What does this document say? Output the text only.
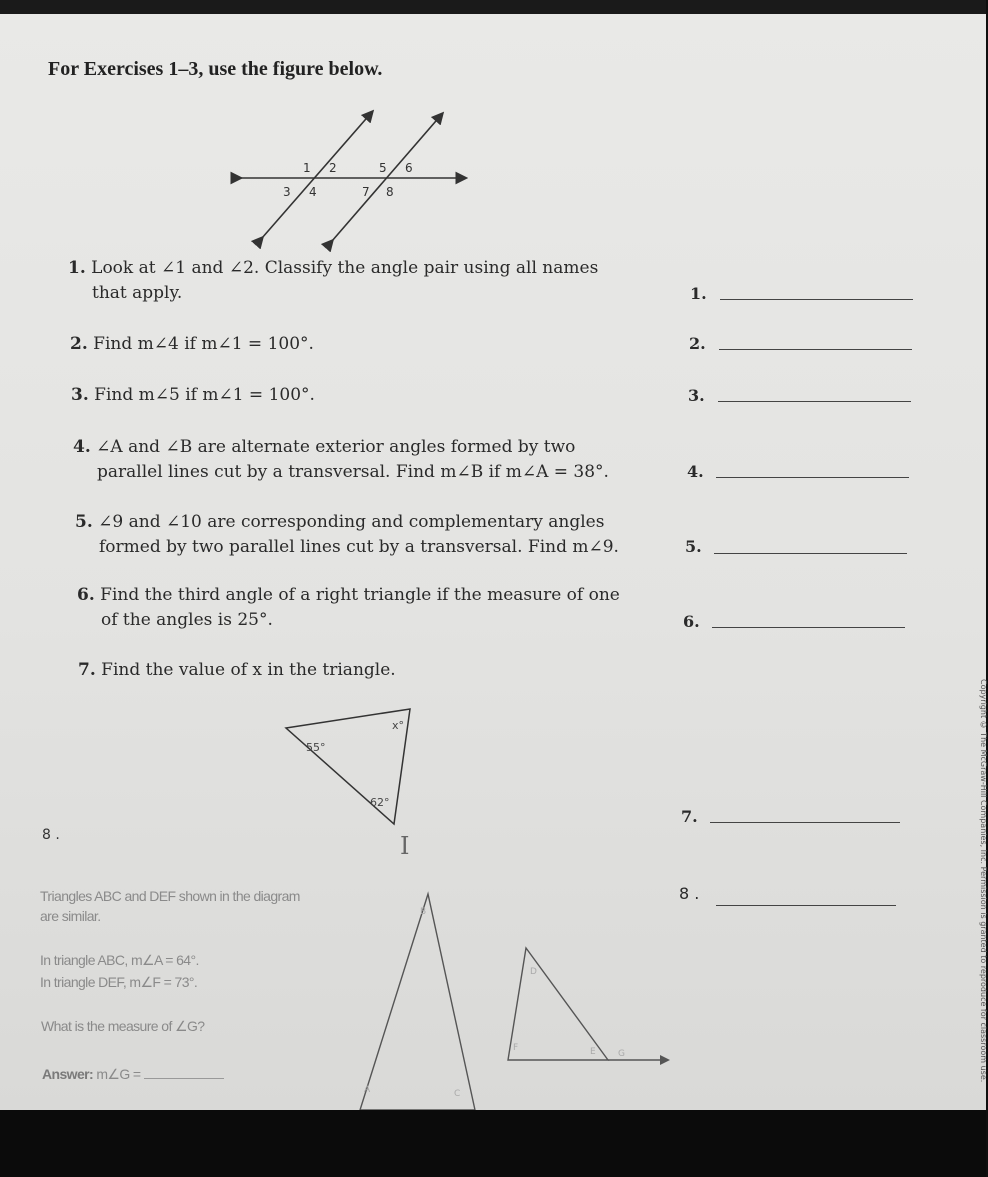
For Exercises 1–3, use the figure below.
1 2	5 6
3 4	7 8
1. Look at ∠1 and ∠2. Classify the angle pair using all names
that apply.
2. Find m∠4 if m∠1 = 100°.
3. Find m∠5 if m∠1 = 100°.
4. ∠A and ∠B are alternate exterior angles formed by two
parallel lines cut by a transversal. Find m∠B if m∠A = 38°.
5. ∠9 and ∠10 are corresponding and complementary angles
formed by two parallel lines cut by a transversal. Find m∠9.
6. Find the third angle of a right triangle if the measure of one
of the angles is 25°.
7. Find the value of x in the triangle.
1.
2.
3.
4.
5.
6.
7.
8 .
x°
55°
62°
I
8 .
Triangles ABC and DEF shown in the diagram
are similar.
In triangle ABC, m∠A = 64°.
In triangle DEF, m∠F = 73°.
What is the measure of ∠G?
Answer: m∠G =
B
A	C
D
F	E G	Copyright © The McGraw-Hill Companies, Inc. Permission is granted to reproduce for classroom use.
